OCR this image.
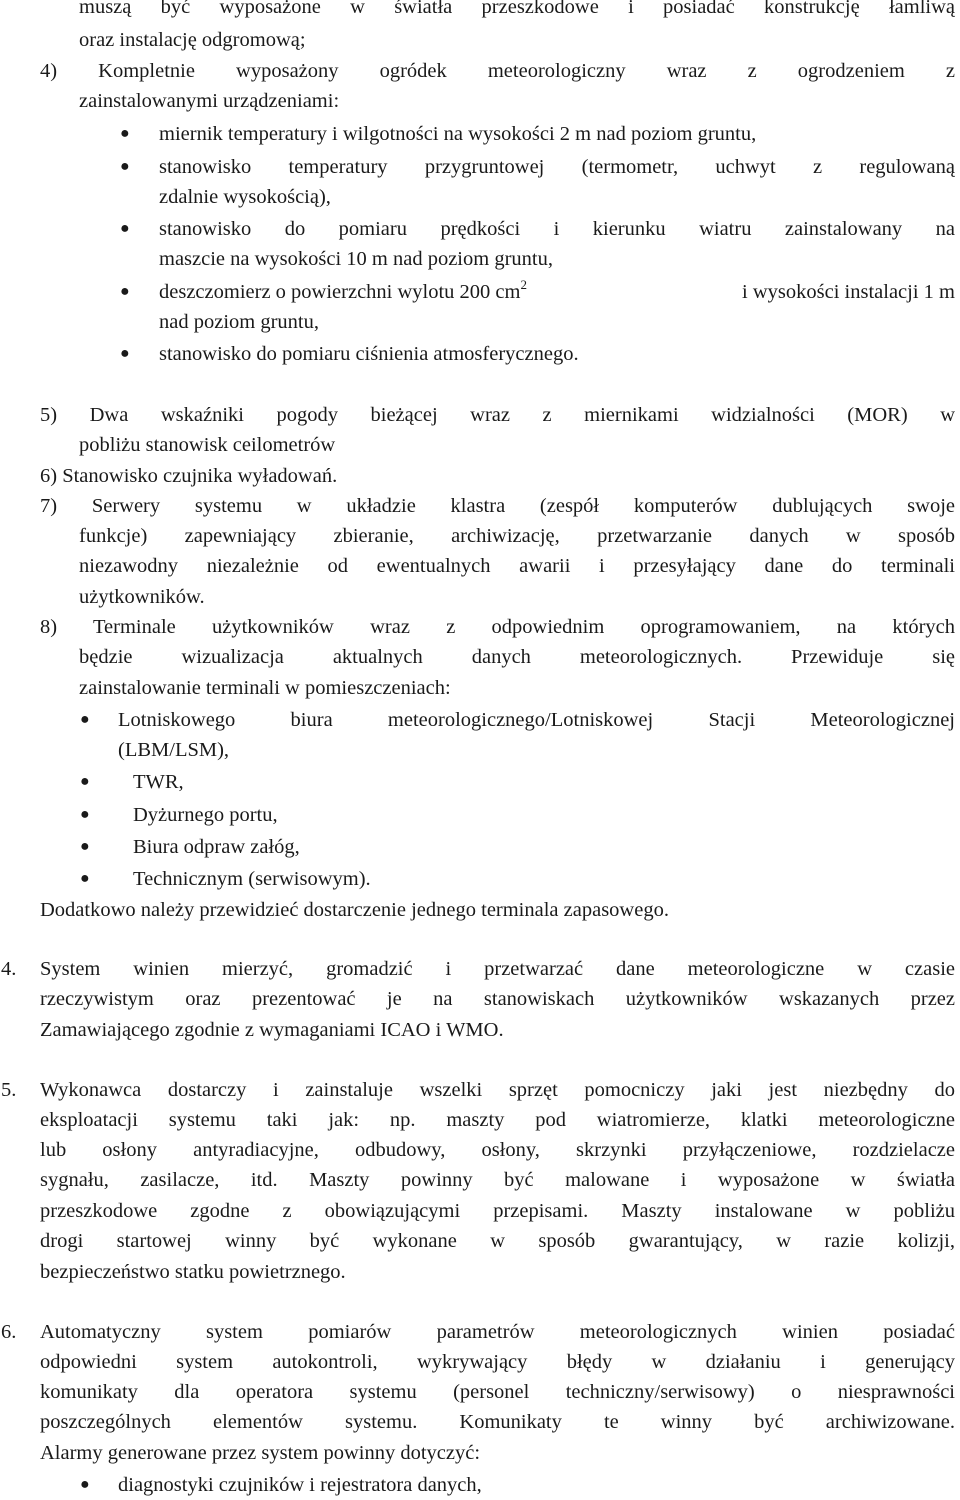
muszą być wyposażone w światła przeszkodowe i posiadać konstrukcję łamliwą
oraz instalację odgromową;
4) Kompletnie wyposażony ogródek meteorologiczny wraz z ogrodzeniem z
zainstalowanymi urządzeniami:
● miernik temperatury i wilgotności na wysokości 2 m nad poziom gruntu,
● stanowisko temperatury przygruntowej (termometr, uchwyt z regulowaną
zdalnie wysokością),
● stanowisko do pomiaru prędkości i kierunku wiatru zainstalowany na
maszcie na wysokości 10 m nad poziom gruntu,
● deszczomierz o powierzchni wylotu 200 $cm^2$	i wysokości instalacji 1 m
nad poziom gruntu,
● stanowisko do pomiaru ciśnienia atmosferycznego.
5) Dwa wskaźniki pogody bieżącej wraz z miernikami widzialności (MOR) w
pobliżu stanowisk ceilometrów
6) Stanowisko czujnika wyładowań.
7) Serwery systemu w układzie klastra (zespół komputerów dublujących swoje
funkcje) zapewniający zbieranie, archiwizację, przetwarzanie danych w sposób
niezawodny niezależnie od ewentualnych awarii i przesyłający dane do terminali
użytkowników.
8) Terminale użytkowników wraz z odpowiednim oprogramowaniem, na których
będzie wizualizacja aktualnych danych meteorologicznych. Przewiduje się
zainstalowanie terminali w pomieszczeniach:
● Lotniskowego biura meteorologicznego/Lotniskowej Stacji Meteorologicznej
(LBM/LSM),
● TWR,
● Dyżurnego portu,
● Biura odpraw załóg,
● Technicznym (serwisowym).
Dodatkowo należy przewidzieć dostarczenie jednego terminala zapasowego.
4. System winien mierzyć, gromadzić i przetwarzać dane meteorologiczne w czasie
rzeczywistym oraz prezentować je na stanowiskach użytkowników wskazanych przez
Zamawiającego zgodnie z wymaganiami ICAO i WMO.
5. Wykonawca dostarczy i zainstaluje wszelki sprzęt pomocniczy jaki jest niezbędny do
eksploatacji systemu taki jak: np. maszty pod wiatromierze, klatki meteorologiczne
lub osłony antyradiacyjne, odbudowy, osłony, skrzynki przyłączeniowe, rozdzielacze
sygnału, zasilacze, itd. Maszty powinny być malowane i wyposażone w światła
przeszkodowe zgodne z obowiązującymi przepisami. Maszty instalowane w pobliżu
drogi startowej winny być wykonane w sposób gwarantujący, w razie kolizji,
bezpieczeństwo statku powietrznego.
6. Automatyczny system pomiarów parametrów meteorologicznych winien posiadać
odpowiedni system autokontroli, wykrywający błędy w działaniu i generujący
komunikaty dla operatora systemu (personel techniczny/serwisowy) o niesprawności
poszczególnych elementów systemu. Komunikaty te winny być archiwizowane.
Alarmy generowane przez system powinny dotyczyć:
● diagnostyki czujników i rejestratora danych,
